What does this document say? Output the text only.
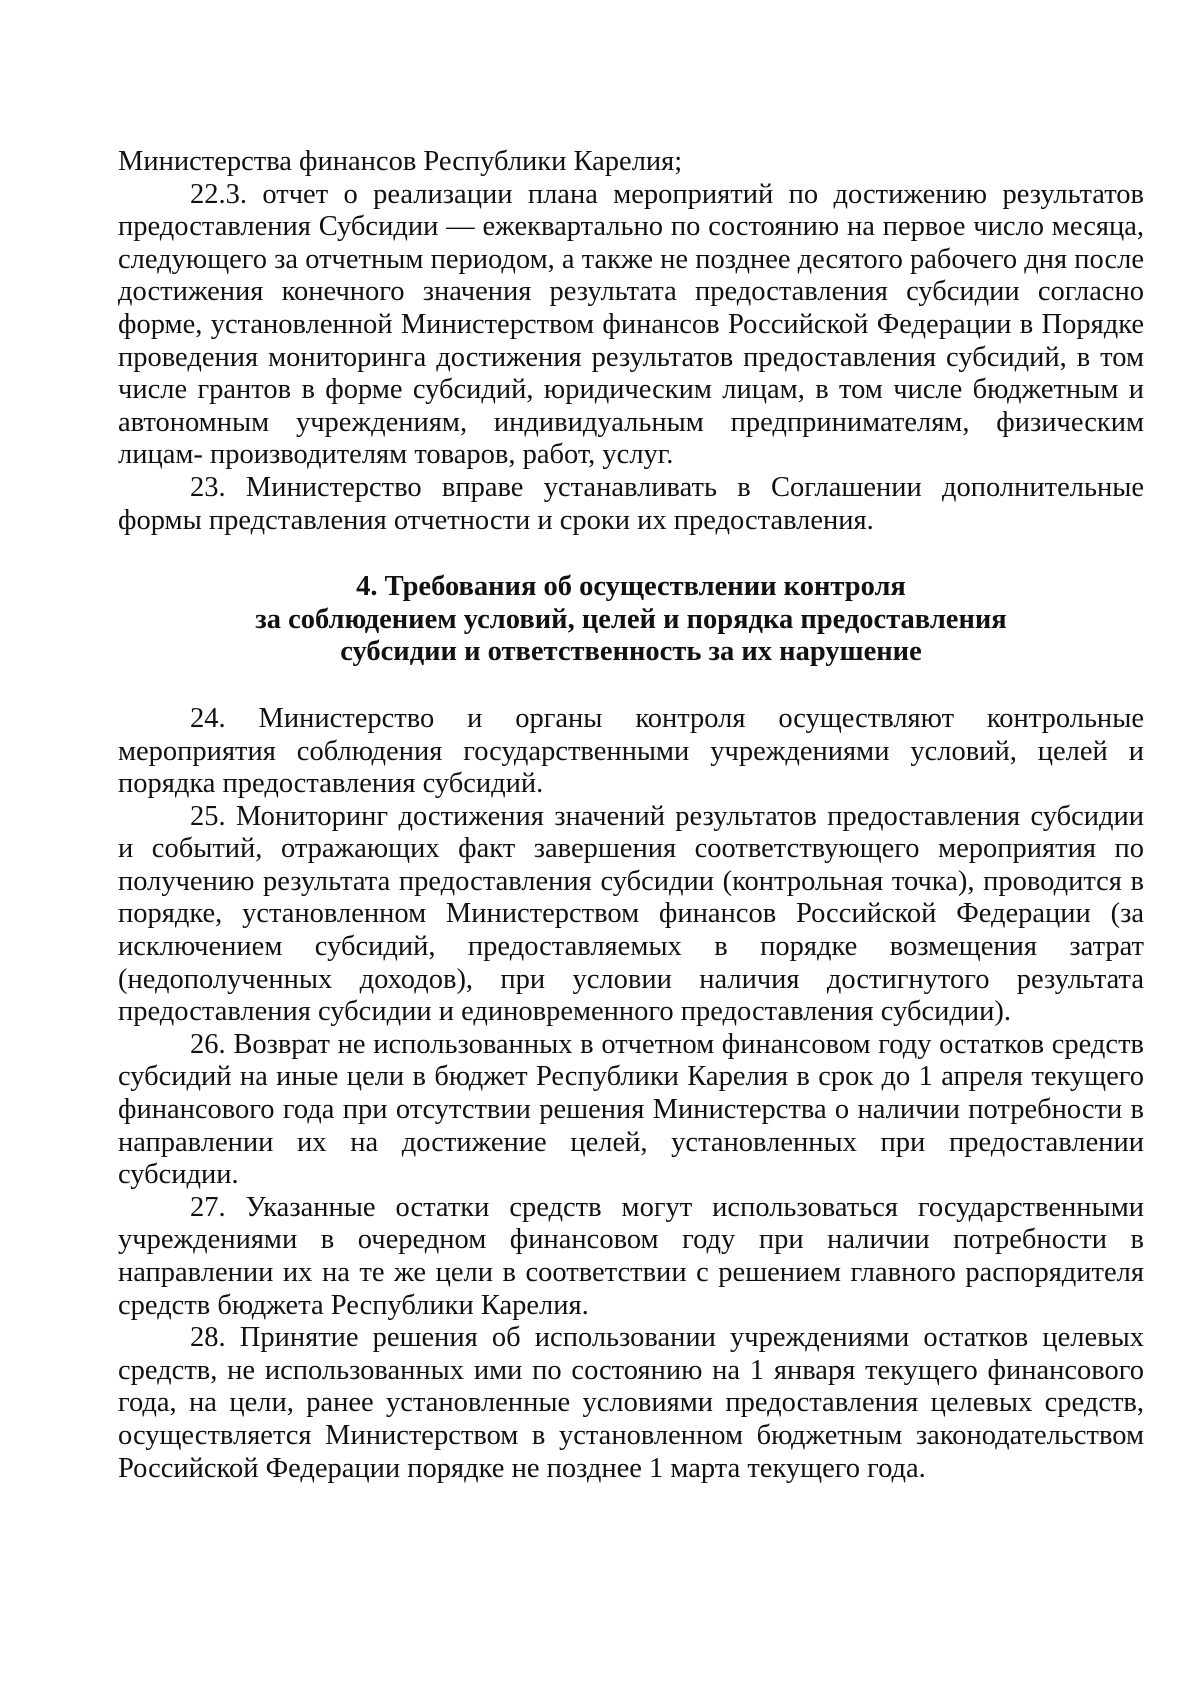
Министерства финансов Республики Карелия;

22.3. отчет о реализации плана мероприятий по достижению результатов предоставления Субсидии — ежеквартально по состоянию на первое число месяца, следующего за отчетным периодом, а также не позднее десятого рабочего дня после достижения конечного значения результата предоставления субсидии согласно форме, установленной Министерством финансов Российской Федерации в Порядке проведения мониторинга достижения результатов предоставления субсидий, в том числе грантов в форме субсидий, юридическим лицам, в том числе бюджетным и автономным учреждениям, индивидуальным предпринимателям, физическим лицам- производителям товаров, работ, услуг.

23. Министерство вправе устанавливать в Соглашении дополнительные формы представления отчетности и сроки их предоставления.

4. Требования об осуществлении контроля
за соблюдением условий, целей и порядка предоставления
субсидии и ответственность за их нарушение

24. Министерство и органы контроля осуществляют контрольные мероприятия соблюдения государственными учреждениями условий, целей и порядка предоставления субсидий.

25. Мониторинг достижения значений результатов предоставления субсидии и событий, отражающих факт завершения соответствующего мероприятия по получению результата предоставления субсидии (контрольная точка), проводится в порядке, установленном Министерством финансов Российской Федерации (за исключением субсидий, предоставляемых в порядке возмещения затрат (недополученных доходов), при условии наличия достигнутого результата предоставления субсидии и единовременного предоставления субсидии).

26. Возврат не использованных в отчетном финансовом году остатков средств субсидий на иные цели в бюджет Республики Карелия в срок до 1 апреля текущего финансового года при отсутствии решения Министерства о наличии потребности в направлении их на достижение целей, установленных при предоставлении субсидии.

27. Указанные остатки средств могут использоваться государственными учреждениями в очередном финансовом году при наличии потребности в направлении их на те же цели в соответствии с решением главного распорядителя средств бюджета Республики Карелия.

28. Принятие решения об использовании учреждениями остатков целевых средств, не использованных ими по состоянию на 1 января текущего финансового года, на цели, ранее установленные условиями предоставления целевых средств, осуществляется Министерством в установленном бюджетным законодательством Российской Федерации порядке не позднее 1 марта текущего года.
